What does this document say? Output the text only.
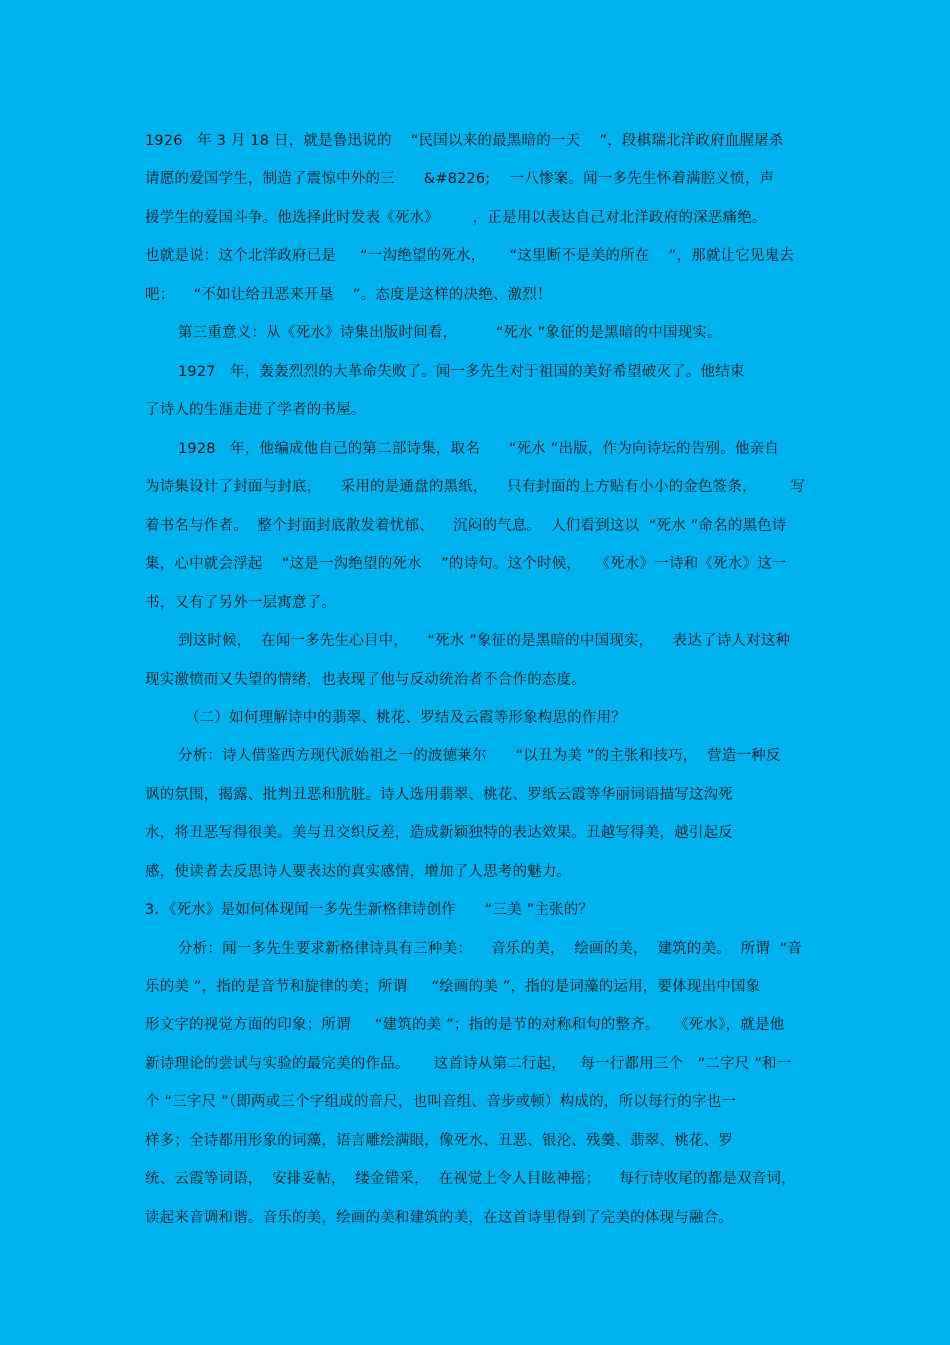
1926   年 3 月 18 日，就是鲁迅说的    “民国以来的最黑暗的一天    ”，段棋瑞北洋政府血腥屠杀
请愿的爱国学生，制造了震惊中外的三      &#8226;    一八惨案。闻一多先生怀着满腔义愤，声
援学生的爱国斗争。他选择此时发表《死水》       ，正是用以表达自己对北洋政府的深恶痛绝。
也就是说：这个北洋政府已是     “一沟绝望的死水，     “这里断不是美的所在    ”，那就让它见鬼去
吧；    “不如让给丑恶来开垦    ”。态度是这样的决绝、激烈！
第三重意义：从《死水》诗集出版时间看，        “死水 ”象征的是黑暗的中国现实。
1927   年，轰轰烈烈的大革命失败了。闻一多先生对于祖国的美好希望破灭了。他结束
了诗人的生涯走进了学者的书屋。
1928   年，他编成他自己的第二部诗集，取名      “死水 ”出版，作为向诗坛的告别。他亲自
为诗集设计了封面与封底，    采用的是通盘的黑纸，    只有封面的上方贴有小小的金色签条，       写
着书名与作者。  整个封面封底散发着忧郁、    沉闷的气息。  人们看到这以  “死水 ”命名的黑色诗
集，心中就会浮起    “这是一沟绝望的死水    ”的诗句。这个时候，   《死水》一诗和《死水》这一
书，又有了另外一层寓意了。
到这时候，  在闻一多先生心目中，    “死水 ”象征的是黑暗的中国现实，    表达了诗人对这种
现实激愤而又失望的情绪，也表现了他与反动统治者不合作的态度。
（二）如何理解诗中的翡翠、桃花、罗结及云霞等形象构思的作用？
分析：诗人借鉴西方现代派始祖之一的波德莱尔      “以丑为美 ”的主张和技巧，  营造一种反
讽的氛围，揭露、批判丑恶和肮脏。诗人选用翡翠、桃花、罗纸云霞等华丽词语描写这沟死
水，将丑恶写得很美。美与丑交织反差，造成新颖独特的表达效果。丑越写得美，越引起反
感，使读者去反思诗人要表达的真实感情，增加了人思考的魅力。
3．《死水》是如何体现闻一多先生新格律诗创作      “三美 ”主张的？
分析：闻一多先生要求新格律诗具有三种美：    音乐的美，  绘画的美，  建筑的美。  所谓  “音
乐的美 ”，指的是音节和旋律的美；所谓     “绘画的美 ”，指的是词藻的运用，要体现出中国象
形文字的视觉方面的印象；所谓     “建筑的美 ”；指的是节的对称和句的整齐。   《死水》，就是他
新诗理论的尝试与实验的最完美的作品。     这首诗从第二行起，   每一行都用三个   “二字尺 ”和一
个 “三字尺 ”（即两或三个字组成的音尺，也叫音组、音步或顿）构成的，所以每行的字也一
样多；全诗都用形象的词藻，语言雕绘满眼，像死水、丑恶、银沦、残羹、翡翠、桃花、罗
统、云霞等词语，  安排妥帖，  缕金错采，  在视觉上令人目眩神摇；    每行诗收尾的都是双音词，
读起来音调和谐。音乐的美，绘画的美和建筑的美，在这首诗里得到了完美的体现与融合。
